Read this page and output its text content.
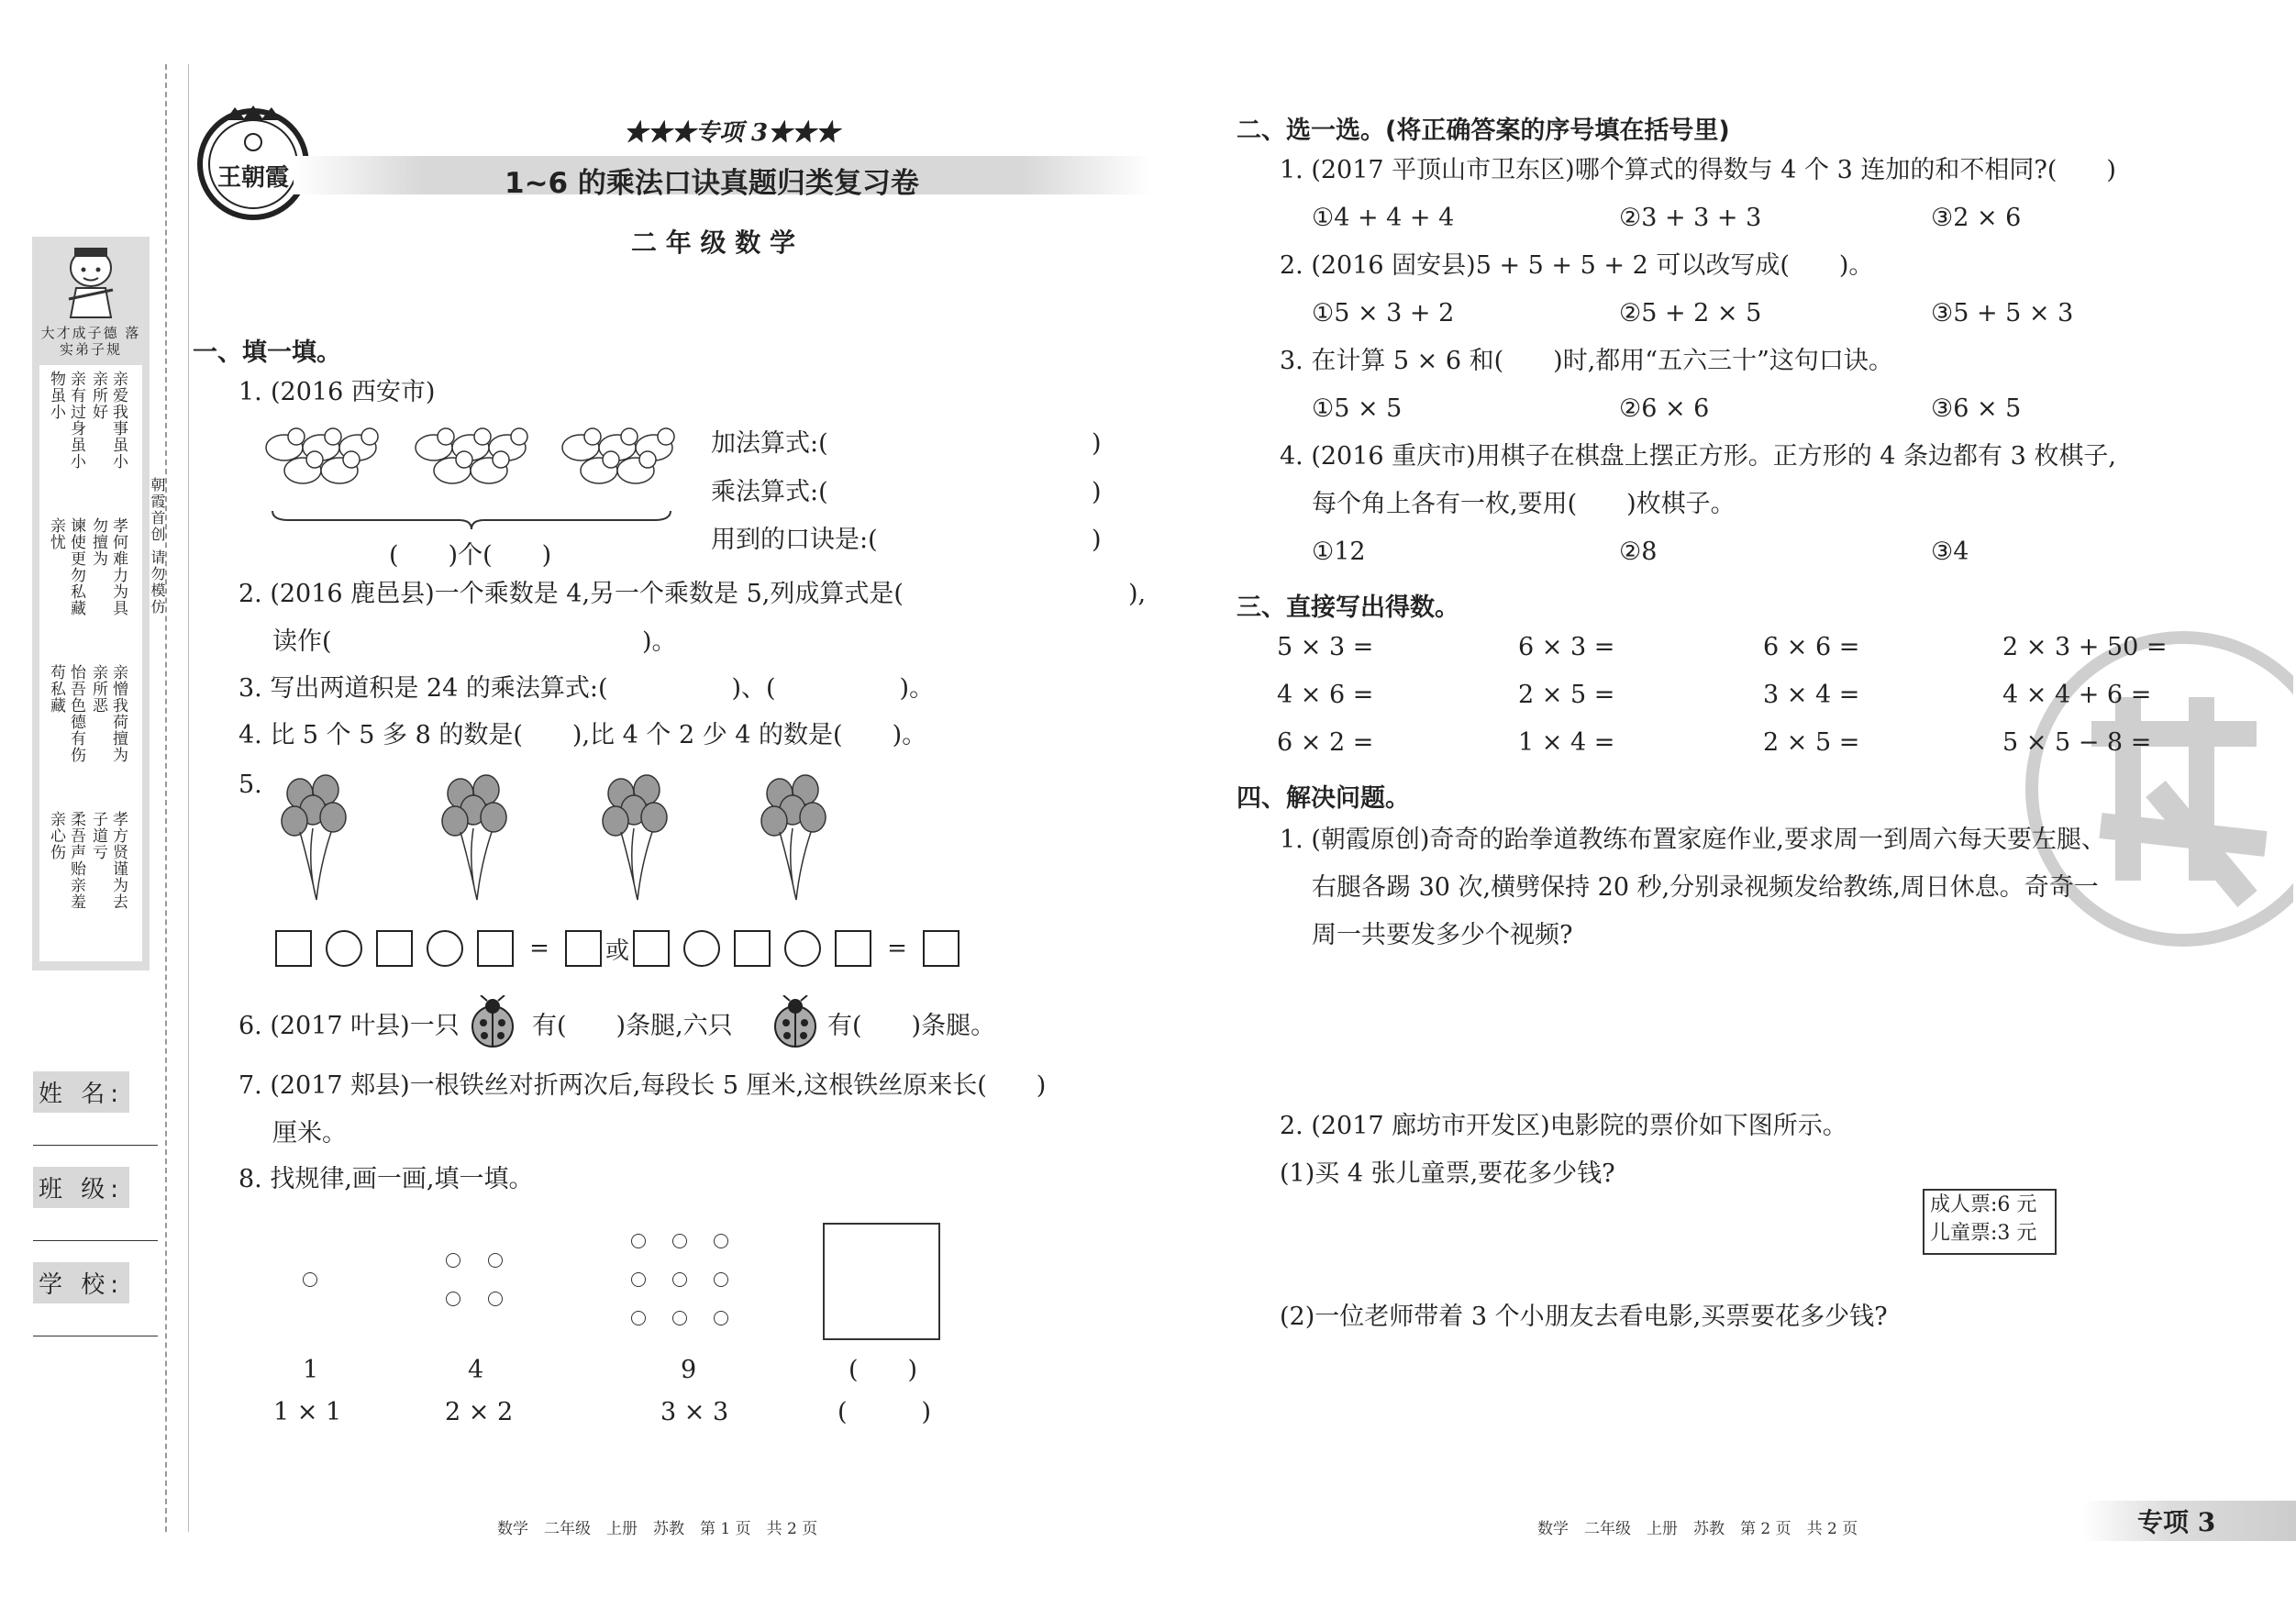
大才成子德 落实弟子规
亲爱我事虽小
亲所好
孝何难力为具
勿擅为
亲憎我荷擅为
亲所恶
孝方贤谨为去
子道亏
亲有过身虽小
物虽小
谏使更勿私藏
亲忧
怡吾色德有伤
苟私藏
柔吾声贻亲羞
亲心伤
朝霞首创 请勿模仿
姓 名:
班 级:
学 校:
王朝霞
★★★专项 3★★★
1~6 的乘法口诀真题归类复习卷
二 年 级 数 学
一、填一填。
1. (2016 西安市)
(　　)个(　　)
加法算式:(	)
乘法算式:(	)
用到的口诀是:(	)
2. (2016 鹿邑县)一个乘数是 4,另一个乘数是 5,列成算式是(	),
读作(	)。
3. 写出两道积是 24 的乘法算式:(　　　　　)、(　　　　　)。
4. 比 5 个 5 多 8 的数是(　　),比 4 个 2 少 4 的数是(　　)。
5.
= 或	=
6. (2017 叶县)一只	有(　　)条腿,六只	有(　　)条腿。
7. (2017 郏县)一根铁丝对折两次后,每段长 5 厘米,这根铁丝原来长(　　)
厘米。
8. 找规律,画一画,填一填。
1	4	9	(　　)
1 × 1	2 × 2	3 × 3	(　　　)
数学　二年级　上册　苏教　第 1 页　共 2 页
二、选一选。(将正确答案的序号填在括号里)
1. (2017 平顶山市卫东区)哪个算式的得数与 4 个 3 连加的和不相同?(　　)
①4 + 4 + 4	②3 + 3 + 3	③2 × 6
2. (2016 固安县)5 + 5 + 5 + 2 可以改写成(　　)。
①5 × 3 + 2	②5 + 2 × 5	③5 + 5 × 3
3. 在计算 5 × 6 和(　　)时,都用“五六三十”这句口诀。
①5 × 5	②6 × 6	③6 × 5
4. (2016 重庆市)用棋子在棋盘上摆正方形。正方形的 4 条边都有 3 枚棋子,
每个角上各有一枚,要用(　　)枚棋子。
①12	②8	③4
三、直接写出得数。
5 × 3 =	6 × 3 =	6 × 6 =	2 × 3 + 50 =
4 × 6 =	2 × 5 =	3 × 4 =	4 × 4 + 6 =
6 × 2 =	1 × 4 =	2 × 5 =	5 × 5 − 8 =
四、解决问题。
1. (朝霞原创)奇奇的跆拳道教练布置家庭作业,要求周一到周六每天要左腿、
右腿各踢 30 次,横劈保持 20 秒,分别录视频发给教练,周日休息。奇奇一
周一共要发多少个视频?
2. (2017 廊坊市开发区)电影院的票价如下图所示。
(1)买 4 张儿童票,要花多少钱?
成人票:6 元
儿童票:3 元
(2)一位老师带着 3 个小朋友去看电影,买票要花多少钱?
数学　二年级　上册　苏教　第 2 页　共 2 页	专项 3
